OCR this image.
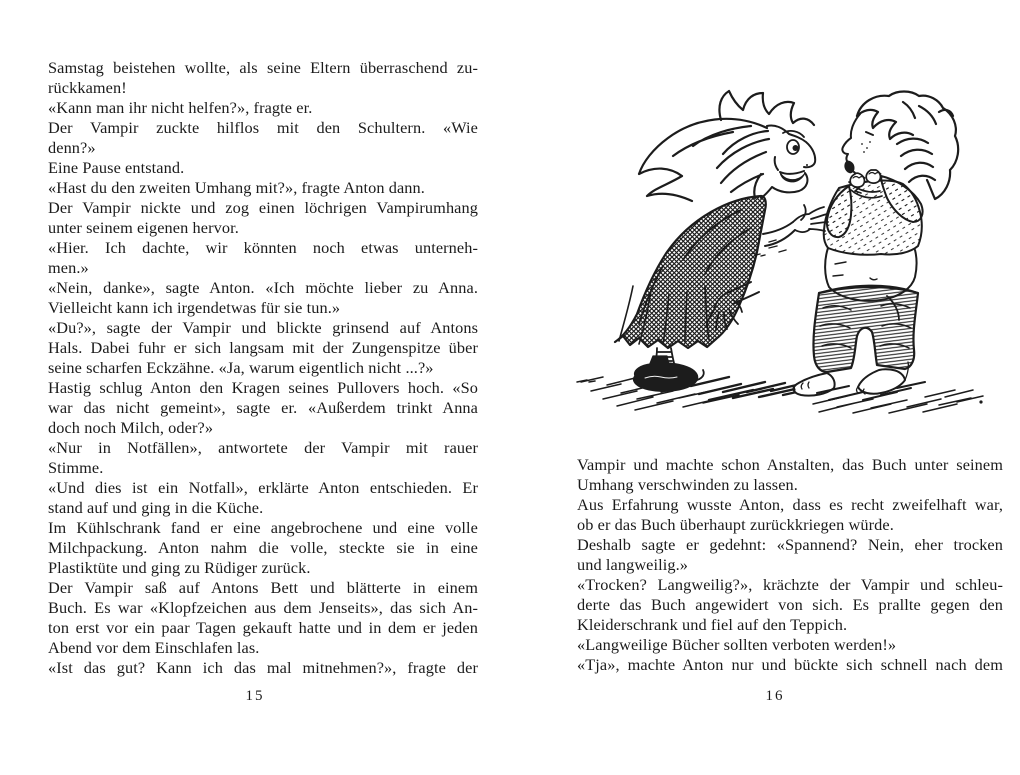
Samstag beistehen wollte, als seine Eltern überraschend zu-
rückkamen!
«Kann man ihr nicht helfen?», fragte er.
Der Vampir zuckte hilflos mit den Schultern. «Wie
denn?»
Eine Pause entstand.
«Hast du den zweiten Umhang mit?», fragte Anton dann.
Der Vampir nickte und zog einen löchrigen Vampirumhang
unter seinem eigenen hervor.
«Hier. Ich dachte, wir könnten noch etwas unterneh-
men.»
«Nein, danke», sagte Anton. «Ich möchte lieber zu Anna.
Vielleicht kann ich irgendetwas für sie tun.»
«Du?», sagte der Vampir und blickte grinsend auf Antons
Hals. Dabei fuhr er sich langsam mit der Zungenspitze über
seine scharfen Eckzähne. «Ja, warum eigentlich nicht ...?»
Hastig schlug Anton den Kragen seines Pullovers hoch. «So
war das nicht gemeint», sagte er. «Außerdem trinkt Anna
doch noch Milch, oder?»
«Nur in Notfällen», antwortete der Vampir mit rauer
Stimme.
«Und dies ist ein Notfall», erklärte Anton entschieden. Er
stand auf und ging in die Küche.
Im Kühlschrank fand er eine angebrochene und eine volle
Milchpackung. Anton nahm die volle, steckte sie in eine
Plastiktüte und ging zu Rüdiger zurück.
Der Vampir saß auf Antons Bett und blätterte in einem
Buch. Es war «Klopfzeichen aus dem Jenseits», das sich An-
ton erst vor ein paar Tagen gekauft hatte und in dem er jeden
Abend vor dem Einschlafen las.
«Ist das gut? Kann ich das mal mitnehmen?», fragte der
15
Vampir und machte schon Anstalten, das Buch unter seinem
Umhang verschwinden zu lassen.
Aus Erfahrung wusste Anton, dass es recht zweifelhaft war,
ob er das Buch überhaupt zurückkriegen würde.
Deshalb sagte er gedehnt: «Spannend? Nein, eher trocken
und langweilig.»
«Trocken? Langweilig?», krächzte der Vampir und schleu-
derte das Buch angewidert von sich. Es prallte gegen den
Kleiderschrank und fiel auf den Teppich.
«Langweilige Bücher sollten verboten werden!»
«Tja», machte Anton nur und bückte sich schnell nach dem
16
